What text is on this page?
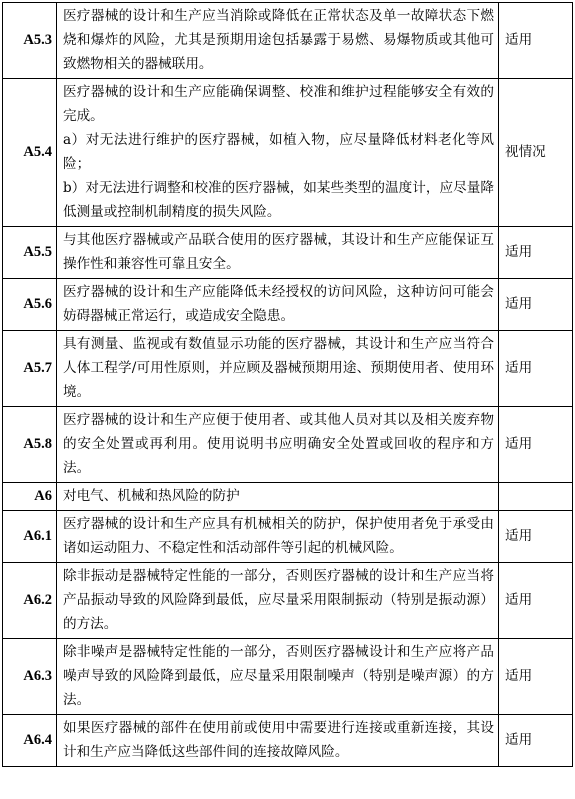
A5.3	医疗器械的设计和生产应当消除或降低在正常状态及单一故障状态下燃烧和爆炸的风险，尤其是预期用途包括暴露于易燃、易爆物质或其他可致燃物相关的器械联用。	适用
A5.4	医疗器械的设计和生产应能确保调整、校准和维护过程能够安全有效的完成。
a）对无法进行维护的医疗器械，如植入物，应尽量降低材料老化等风险；
b）对无法进行调整和校准的医疗器械，如某些类型的温度计，应尽量降低测量或控制机制精度的损失风险。	视情况
A5.5	与其他医疗器械或产品联合使用的医疗器械，其设计和生产应能保证互操作性和兼容性可靠且安全。	适用
A5.6	医疗器械的设计和生产应能降低未经授权的访问风险，这种访问可能会妨碍器械正常运行，或造成安全隐患。	适用
A5.7	具有测量、监视或有数值显示功能的医疗器械，其设计和生产应当符合人体工程学/可用性原则，并应顾及器械预期用途、预期使用者、使用环境。	适用
A5.8	医疗器械的设计和生产应便于使用者、或其他人员对其以及相关废弃物的安全处置或再利用。使用说明书应明确安全处置或回收的程序和方法。	适用
A6	对电气、机械和热风险的防护	

A6.1	医疗器械的设计和生产应具有机械相关的防护，保护使用者免于承受由诸如运动阻力、不稳定性和活动部件等引起的机械风险。	适用
A6.2	除非振动是器械特定性能的一部分，否则医疗器械的设计和生产应当将产品振动导致的风险降到最低，应尽量采用限制振动（特别是振动源）的方法。	适用
A6.3	除非噪声是器械特定性能的一部分，否则医疗器械设计和生产应将产品噪声导致的风险降到最低，应尽量采用限制噪声（特别是噪声源）的方法。	适用
A6.4	如果医疗器械的部件在使用前或使用中需要进行连接或重新连接，其设计和生产应当降低这些部件间的连接故障风险。	适用
